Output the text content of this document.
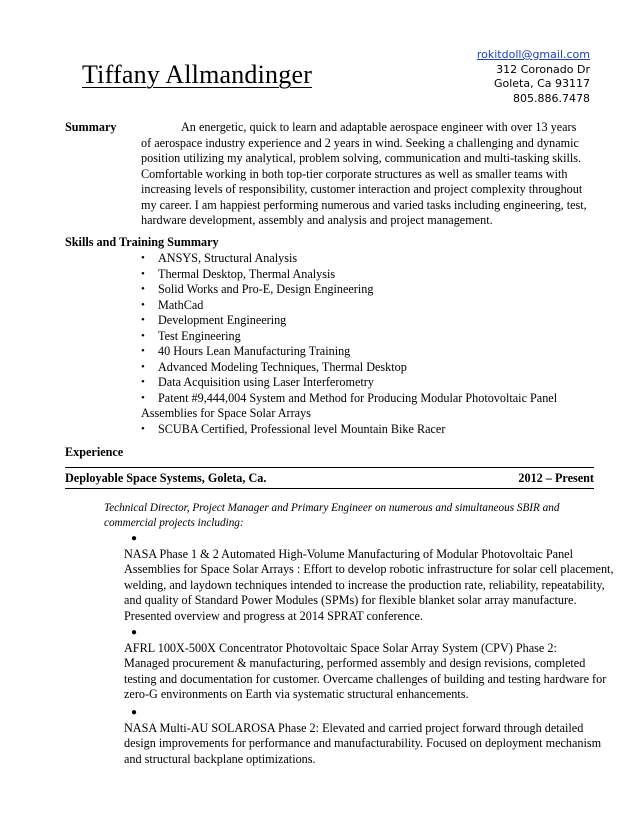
rokitdoll@gmail.com
312 Coronado Dr
Goleta, Ca 93117
805.886.7478
Tiffany Allmandinger
Summary	An energetic, quick to learn and adaptable aerospace engineer with over 13 years
of aerospace industry experience and 2 years in wind. Seeking a challenging and dynamic
position utilizing my analytical, problem solving, communication and multi-tasking skills.
Comfortable working in both top-tier corporate structures as well as smaller teams with
increasing levels of responsibility, customer interaction and project complexity throughout
my career. I am happiest performing numerous and varied tasks including engineering, test,
hardware development, assembly and analysis and project management.
Skills and Training Summary
• ANSYS, Structural Analysis
• Thermal Desktop, Thermal Analysis
• Solid Works and Pro-E, Design Engineering
• MathCad
• Development Engineering
• Test Engineering
• 40 Hours Lean Manufacturing Training
• Advanced Modeling Techniques, Thermal Desktop
• Data Acquisition using Laser Interferometry
• Patent #9,444,004 System and Method for Producing Modular Photovoltaic Panel
Assemblies for Space Solar Arrays
• SCUBA Certified, Professional level Mountain Bike Racer
Experience
Deployable Space Systems, Goleta, Ca.	2012 – Present
Technical Director, Project Manager and Primary Engineer on numerous and simultaneous SBIR and
commercial projects including:
●
NASA Phase 1 & 2 Automated High-Volume Manufacturing of Modular Photovoltaic Panel
Assemblies for Space Solar Arrays : Effort to develop robotic infrastructure for solar cell placement,
welding, and laydown techniques intended to increase the production rate, reliability, repeatability,
and quality of Standard Power Modules (SPMs) for flexible blanket solar array manufacture.
Presented overview and progress at 2014 SPRAT conference.
●
AFRL 100X-500X Concentrator Photovoltaic Space Solar Array System (CPV) Phase 2:
Managed procurement & manufacturing, performed assembly and design revisions, completed
testing and documentation for customer. Overcame challenges of building and testing hardware for
zero-G environments on Earth via systematic structural enhancements.
●
NASA Multi-AU SOLAROSA Phase 2: Elevated and carried project forward through detailed
design improvements for performance and manufacturability. Focused on deployment mechanism
and structural backplane optimizations.
